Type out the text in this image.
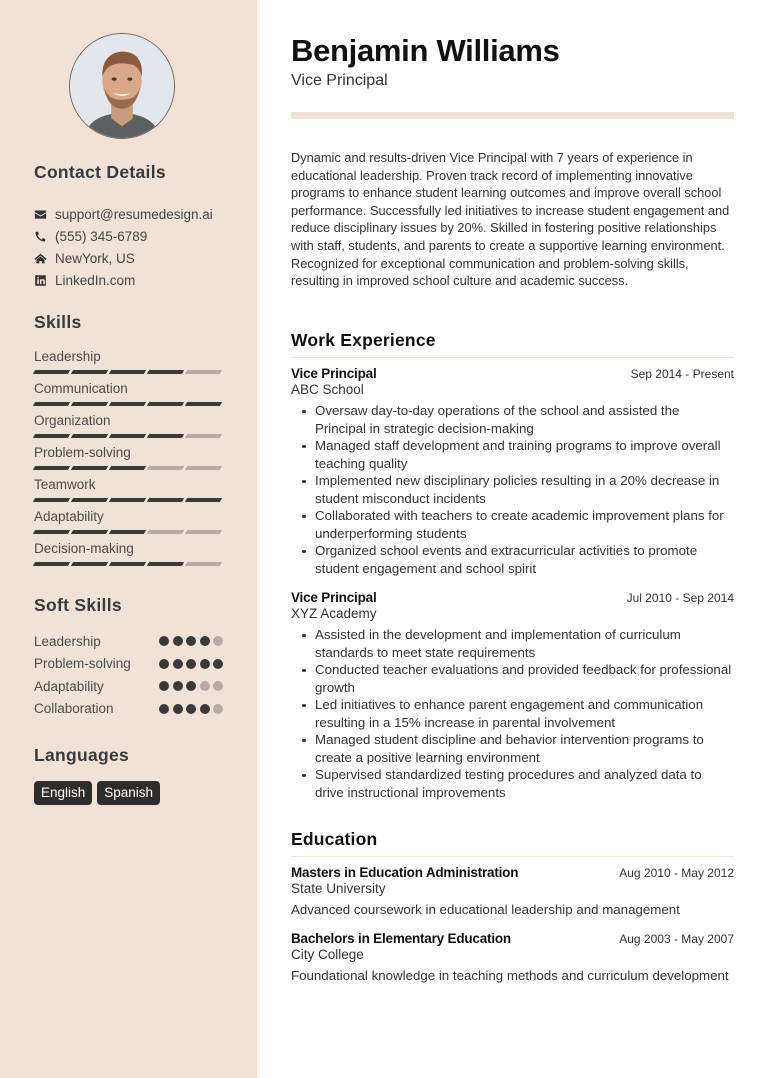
Contact Details
support@resumedesign.ai
(555) 345-6789
NewYork, US
LinkedIn.com
Skills
Leadership
Communication
Organization
Problem-solving
Teamwork
Adaptability
Decision-making
Soft Skills
Leadership
Problem-solving
Adaptability
Collaboration
Languages
English	Spanish
Benjamin Williams
Vice Principal

Dynamic and results-driven Vice Principal with 7 years of experience in educational leadership. Proven track record of implementing innovative programs to enhance student learning outcomes and improve overall school performance. Successfully led initiatives to increase student engagement and reduce disciplinary issues by 20%. Skilled in fostering positive relationships with staff, students, and parents to create a supportive learning environment. Recognized for exceptional communication and problem-solving skills, resulting in improved school culture and academic success.

Work Experience
Vice Principal	Sep 2014 - Present
ABC School
Oversaw day-to-day operations of the school and assisted the Principal in strategic decision-making
Managed staff development and training programs to improve overall teaching quality
Implemented new disciplinary policies resulting in a 20% decrease in student misconduct incidents
Collaborated with teachers to create academic improvement plans for underperforming students
Organized school events and extracurricular activities to promote student engagement and school spirit
Vice Principal	Jul 2010 - Sep 2014
XYZ Academy
Assisted in the development and implementation of curriculum standards to meet state requirements
Conducted teacher evaluations and provided feedback for professional growth
Led initiatives to enhance parent engagement and communication resulting in a 15% increase in parental involvement
Managed student discipline and behavior intervention programs to create a positive learning environment
Supervised standardized testing procedures and analyzed data to drive instructional improvements
Education
Masters in Education Administration	Aug 2010 - May 2012
State University
Advanced coursework in educational leadership and management
Bachelors in Elementary Education	Aug 2003 - May 2007
City College
Foundational knowledge in teaching methods and curriculum development
